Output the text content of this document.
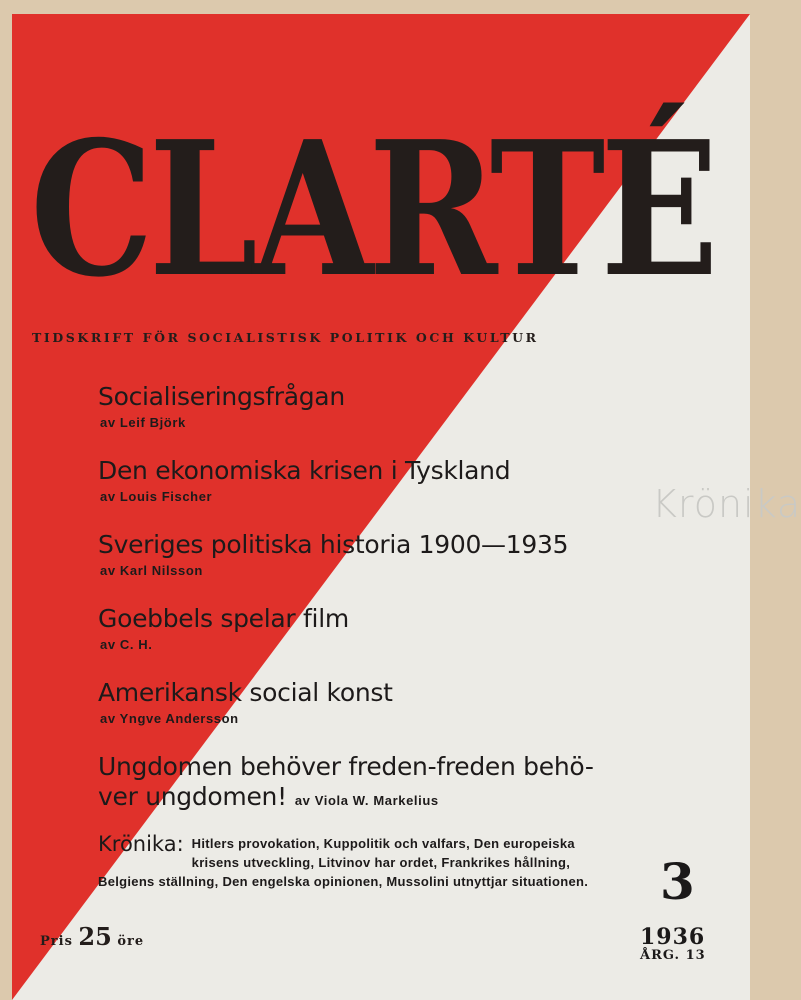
Krönika
CLARTÉ
TIDSKRIFT FÖR SOCIALISTISK POLITIK OCH KULTUR
Socialiseringsfrågan
av Leif Björk
Den ekonomiska krisen i Tyskland
av Louis Fischer
Sveriges politiska historia 1900—1935
av Karl Nilsson
Goebbels spelar film
av C. H.
Amerikansk social konst
av Yngve Andersson
Ungdomen behöver freden-freden behö-
ver ungdomen! av Viola W. Markelius
Krönika: Hitlers provokation, Kuppolitik och valfars, Den europeiska krisens utveckling, Litvinov har ordet, Frankrikes hållning, Belgiens ställning, Den engelska opinionen, Mussolini utnyttjar situationen.
Pris 25 öre
3
1936
ÅRG. 13
